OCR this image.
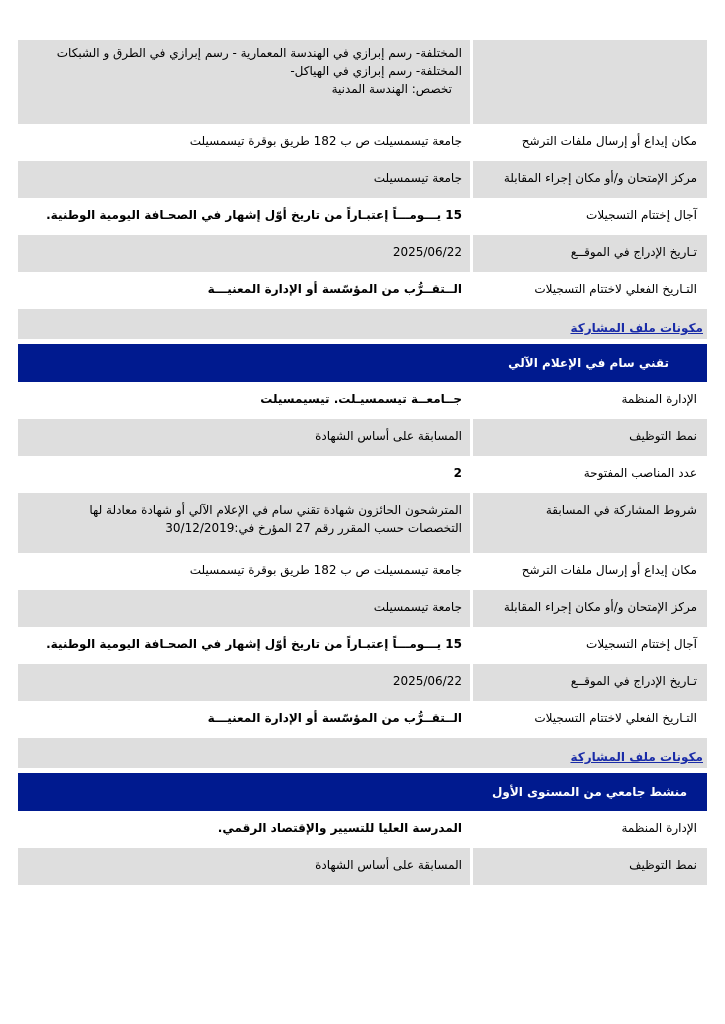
المختلفة- رسم إبرازي في الهندسة المعمارية - رسم إبرازي في الطرق و الشبكات
المختلفة- رسم إبرازي في الهياكل-
تخصص: الهندسة المدنية
مكان إيداع أو إرسال ملفات الترشح
جامعة تيسمسيلت ص ب 182 طريق بوقرة تيسمسيلت
مركز الإمتحان و/أو مكان إجراء المقابلة
جامعة تيسمسيلت
آجال إختتام التسجيلات
15 يـــومـــاً إعتبـاراً من تاريخ أوّل إشهار في الصحـافة اليومية الوطنية.
تـاريخ الإدراج في الموقــع
2025/06/22
التـاريخ الفعلي لاختتام التسجيلات
الــتقــرُّب من المؤسّسة أو الإدارة المعنيـــة
مكونات ملف المشاركة
تقني سام في الإعلام الآلي
الإدارة المنظمة
جــامعــة تيسمسيـلت. تيسيمسيلت
نمط التوظيف
المسابقة على أساس الشهادة
عدد المناصب المفتوحة
2
شروط المشاركة في المسابقة
المترشحون الحائزون شهادة تقني سام في الإعلام الآلي أو شهادة معادلة لها
التخصصات حسب المقرر رقم 27 المؤرخ في:30/12/2019
مكان إيداع أو إرسال ملفات الترشح
جامعة تيسمسيلت ص ب 182 طريق بوقرة تيسمسيلت
مركز الإمتحان و/أو مكان إجراء المقابلة
جامعة تيسمسيلت
آجال إختتام التسجيلات
15 يـــومـــاً إعتبـاراً من تاريخ أوّل إشهار في الصحـافة اليومية الوطنية.
تـاريخ الإدراج في الموقــع
2025/06/22
التـاريخ الفعلي لاختتام التسجيلات
الــتقــرُّب من المؤسّسة أو الإدارة المعنيـــة
مكونات ملف المشاركة
منشط جامعي من المستوى الأول
الإدارة المنظمة
المدرسة العليا للتسيير والإقتصاد الرقمي.
نمط التوظيف
المسابقة على أساس الشهادة
